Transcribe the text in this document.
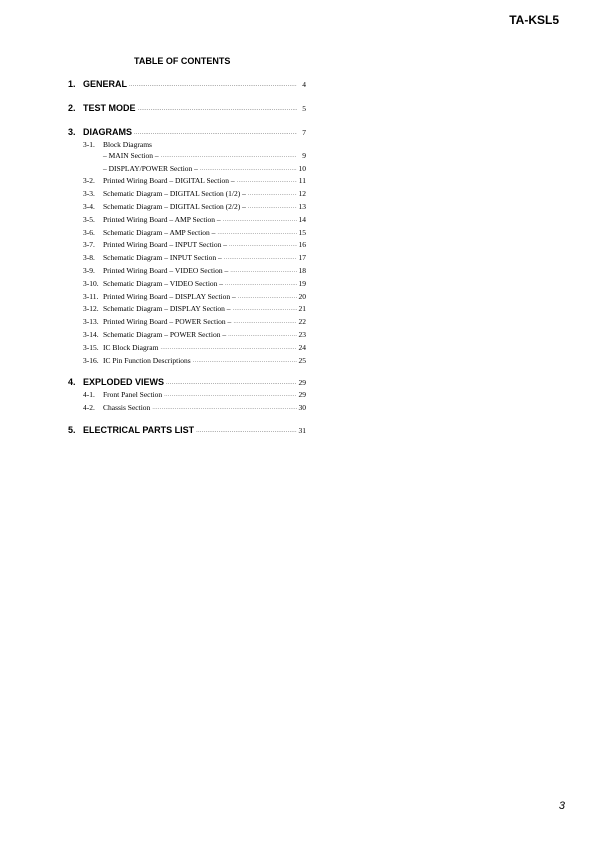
TA-KSL5
TABLE OF CONTENTS
1. GENERAL ·····	4
2. TEST MODE ·····	5
3. DIAGRAMS ·····	7
3-1.	Block Diagrams
– MAIN Section – ·····	9
– DISPLAY/POWER Section – ·····	10
3-2.	Printed Wiring Board – DIGITAL Section – ·····	11
3-3.	Schematic Diagram – DIGITAL Section (1/2) – ·····	12
3-4.	Schematic Diagram – DIGITAL Section (2/2) – ·····	13
3-5.	Printed Wiring Board – AMP Section – ·····	14
3-6.	Schematic Diagram – AMP Section – ·····	15
3-7.	Printed Wiring Board – INPUT Section – ·····	16
3-8.	Schematic Diagram – INPUT Section – ·····	17
3-9.	Printed Wiring Board – VIDEO Section – ·····	18
3-10. Schematic Diagram – VIDEO Section – ·····	19
3-11. Printed Wiring Board – DISPLAY Section – ·····	20
3-12. Schematic Diagram – DISPLAY Section – ·····	21
3-13. Printed Wiring Board – POWER Section – ·····	22
3-14. Schematic Diagram – POWER Section – ·····	23
3-15. IC Block Diagram ·····	24
3-16. IC Pin Function Descriptions ·····	25
4. EXPLODED VIEWS ·····	29
4-1.	Front Panel Section ·····	29
4-2.	Chassis Section ·····	30
5. ELECTRICAL PARTS LIST ·····	31
3
